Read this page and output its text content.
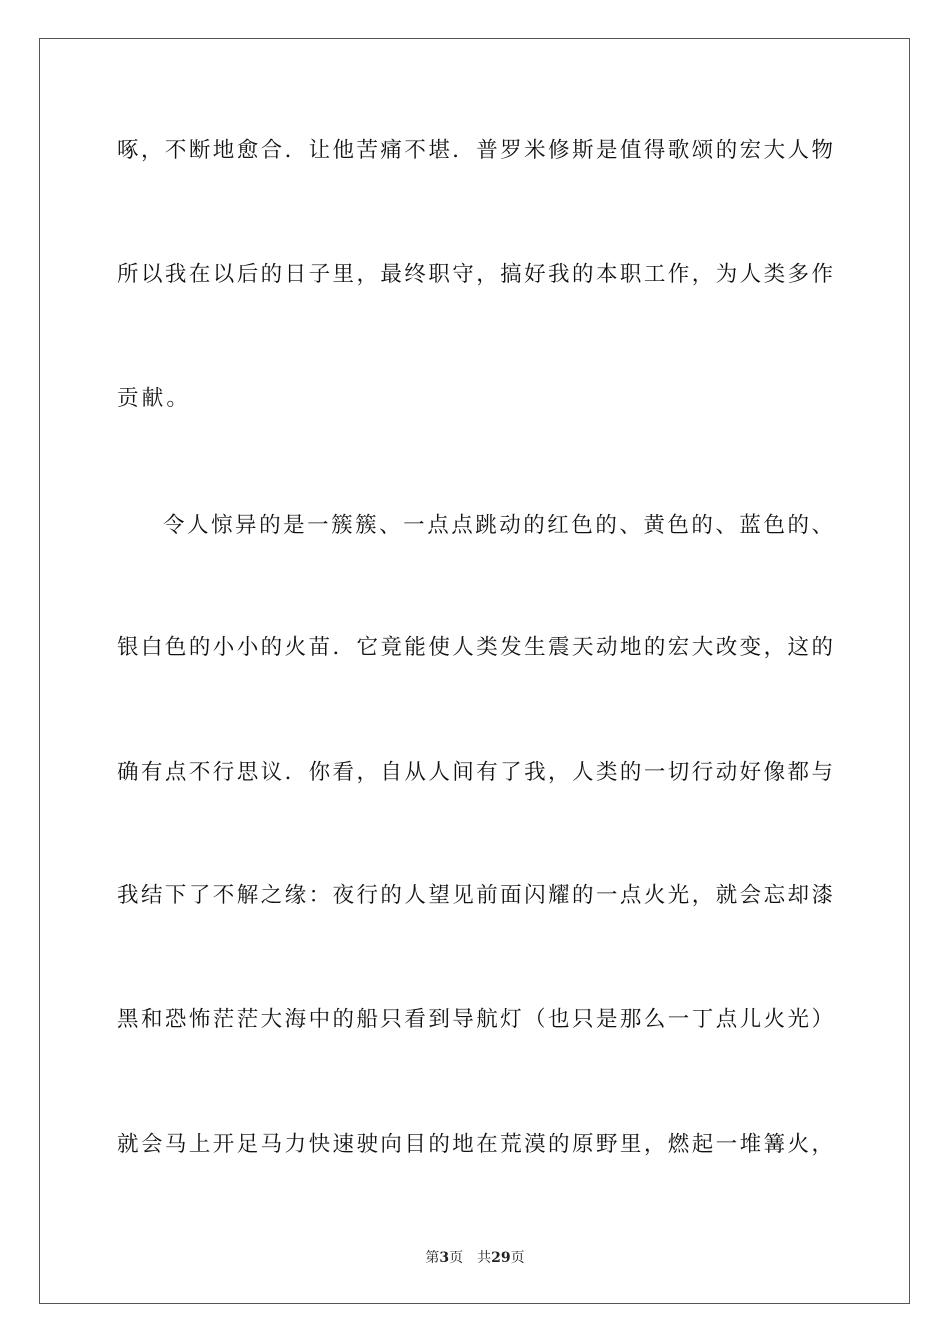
啄，不断地愈合．让他苦痛不堪．普罗米修斯是值得歌颂的宏大人物
所以我在以后的日子里，最终职守，搞好我的本职工作，为人类多作
贡献。
令人惊异的是一簇簇、一点点跳动的红色的、黄色的、蓝色的、
银白色的小小的火苗．它竟能使人类发生震天动地的宏大改变，这的
确有点不行思议．你看，自从人间有了我，人类的一切行动好像都与
我结下了不解之缘：夜行的人望见前面闪耀的一点火光，就会忘却漆
黑和恐怖茫茫大海中的船只看到导航灯（也只是那么一丁点儿火光）
就会马上开足马力快速驶向目的地在荒漠的原野里，燃起一堆篝火，
第3页 共29页
